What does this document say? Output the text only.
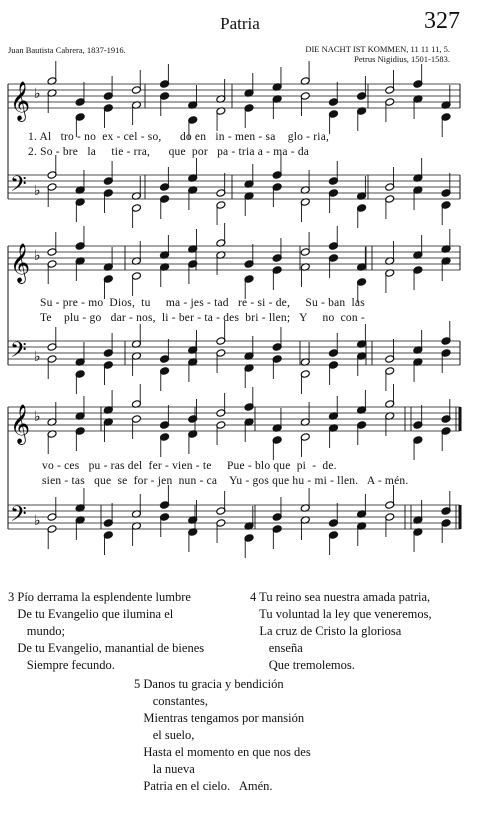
Patria	327
Juan Bautista Cabrera, 1837-1916.	DIE NACHT IST KOMMEN, 11 11 11, 5.
Petrus Nigidius, 1501-1583.
𝄞
𝄢
♭
♭
𝄞
𝄢
♭
♭
𝄞
𝄢
♭
♭
1. Al   tro - no  ex - cel - so,      do en   in - men - sa    glo - ria,
2. So - bre   la     tie - rra,      que  por   pa - tria a - ma - da
Su - pre - mo  Dios,  tu     ma - jes - tad   re - si - de,     Su - ban  las
Te    plu - go   dar - nos,  li - ber - ta - des  bri - llen;   Y     no  con -
vo - ces   pu - ras del  fer - vien - te     Pue - blo que  pi  -  de.
sien - tas   que  se  for - jen  nun - ca    Yu - gos que hu - mi - llen.   A - mén.
3 Pío derrama la esplendente lumbre
De tu Evangelio que ilumina el
mundo;
De tu Evangelio, manantial de bienes
Siempre fecundo.
4 Tu reino sea nuestra amada patria,
Tu voluntad la ley que veneremos,
La cruz de Cristo la gloriosa
enseña
Que tremolemos.
5 Danos tu gracia y bendición
constantes,
Mientras tengamos por mansión
el suelo,
Hasta el momento en que nos des
la nueva
Patria en el cielo.   Amén.
